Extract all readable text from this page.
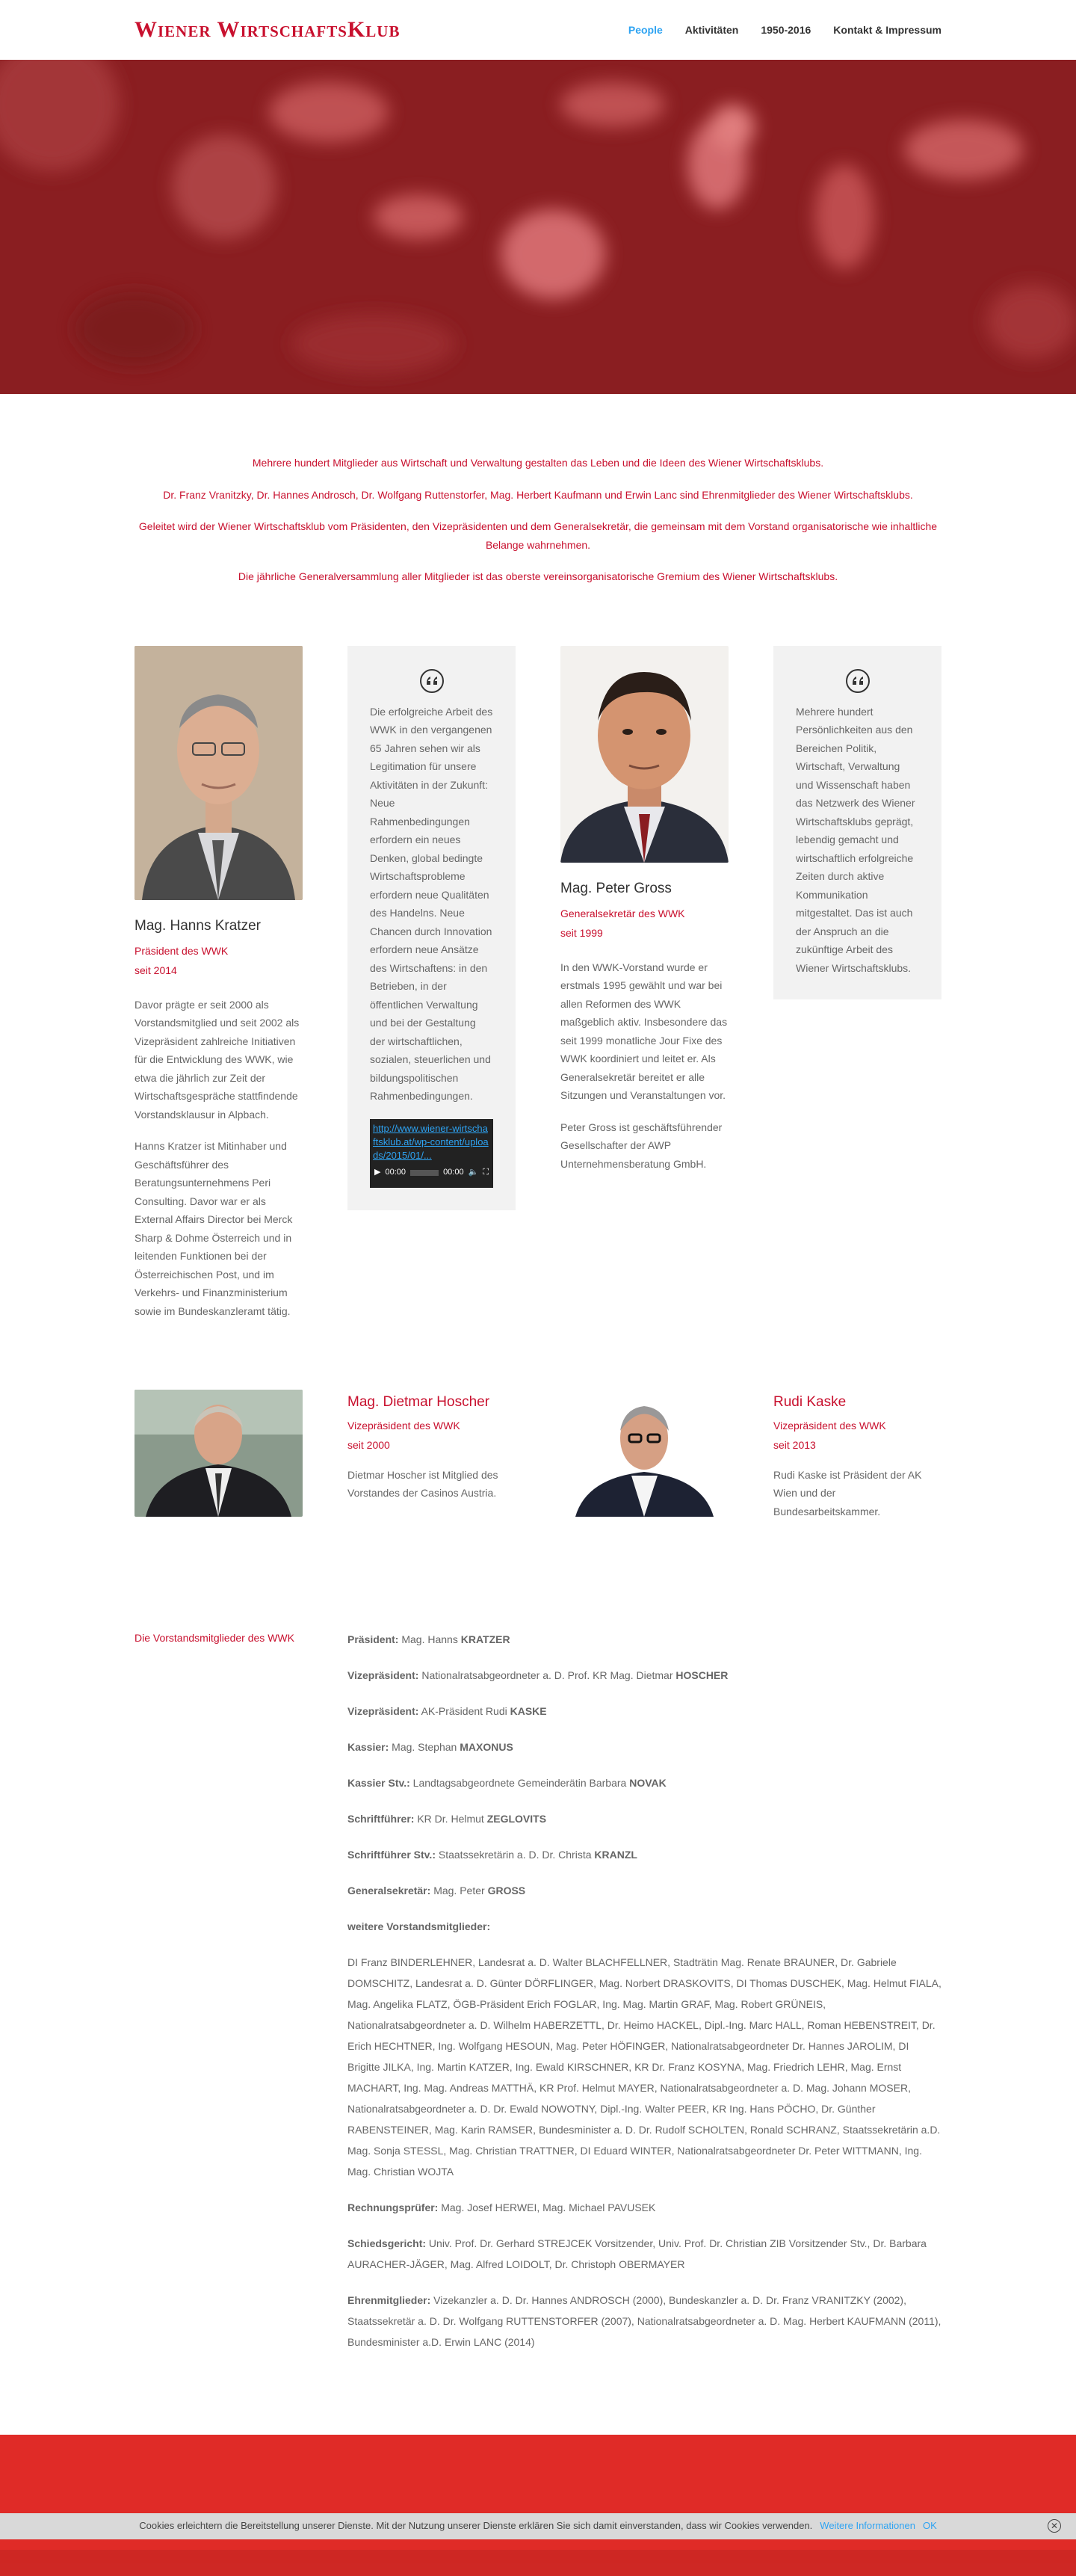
Wiener WirtschaftsKlub	People Aktivitäten 1950-2016 Kontakt & Impressum

Mehrere hundert Mitglieder aus Wirtschaft und Verwaltung gestalten das Leben und die Ideen des Wiener Wirtschaftsklubs.

Dr. Franz Vranitzky, Dr. Hannes Androsch, Dr. Wolfgang Ruttenstorfer, Mag. Herbert Kaufmann und Erwin Lanc sind Ehrenmitglieder des Wiener Wirtschaftsklubs.

Geleitet wird der Wiener Wirtschaftsklub vom Präsidenten, den Vizepräsidenten und dem Generalsekretär, die gemeinsam mit dem Vorstand organisatorische wie inhaltliche Belange wahrnehmen.

Die jährliche Generalversammlung aller Mitglieder ist das oberste vereinsorganisatorische Gremium des Wiener Wirtschaftsklubs.

Mag. Hanns Kratzer
Präsident des WWK
seit 2014

Davor prägte er seit 2000 als Vorstandsmitglied und seit 2002 als Vizepräsident zahlreiche Initiativen für die Entwicklung des WWK, wie etwa die jährlich zur Zeit der Wirtschaftsgespräche stattfindende Vorstandsklausur in Alpbach.

Hanns Kratzer ist Mitinhaber und Geschäftsführer des Beratungsunternehmens Peri Consulting. Davor war er als External Affairs Director bei Merck Sharp & Dohme Österreich und in leitenden Funktionen bei der Österreichischen Post, und im Verkehrs- und Finanzministerium sowie im Bundeskanzleramt tätig.

Die erfolgreiche Arbeit des WWK in den vergangenen 65 Jahren sehen wir als Legitimation für unsere Aktivitäten in der Zukunft: Neue Rahmenbedingungen erfordern ein neues Denken, global bedingte Wirtschaftsprobleme erfordern neue Qualitäten des Handelns. Neue Chancen durch Innovation erfordern neue Ansätze des Wirtschaftens: in den Betrieben, in der öffentlichen Verwaltung und bei der Gestaltung der wirtschaftlichen, sozialen, steuerlichen und bildungspolitischen Rahmenbedingungen.
http://www.wiener-wirtschaftsklub.at/wp-content/uploads/2015/01/...
▶ 00:00	00:00 🔈 ⛶
Mag. Peter Gross
Generalsekretär des WWK
seit 1999

In den WWK-Vorstand wurde er erstmals 1995 gewählt und war bei allen Reformen des WWK maßgeblich aktiv. Insbesondere das seit 1999 monatliche Jour Fixe des WWK koordiniert und leitet er. Als Generalsekretär bereitet er alle Sitzungen und Veranstaltungen vor.

Peter Gross ist geschäftsführender Gesellschafter der AWP Unternehmensberatung GmbH.

Mehrere hundert Persönlichkeiten aus den Bereichen Politik, Wirtschaft, Verwaltung und Wissenschaft haben das Netzwerk des Wiener Wirtschaftsklubs geprägt, lebendig gemacht und wirtschaftlich erfolgreiche Zeiten durch aktive Kommunikation mitgestaltet. Das ist auch der Anspruch an die zukünftige Arbeit des Wiener Wirtschaftsklubs.
Mag. Dietmar Hoscher
Vizepräsident des WWK
seit 2000
Dietmar Hoscher ist Mitglied des Vorstandes der Casinos Austria.
Rudi Kaske
Vizepräsident des WWK
seit 2013
Rudi Kaske ist Präsident der AK Wien und der Bundesarbeitskammer.
Die Vorstandsmitglieder des WWK	Präsident: Mag. Hanns KRATZER

Vizepräsident: Nationalratsabgeordneter a. D. Prof. KR Mag. Dietmar HOSCHER

Vizepräsident: AK-Präsident Rudi KASKE

Kassier: Mag. Stephan MAXONUS

Kassier Stv.: Landtagsabgeordnete Gemeinderätin Barbara NOVAK

Schriftführer: KR Dr. Helmut ZEGLOVITS

Schriftführer Stv.: Staatssekretärin a. D. Dr. Christa KRANZL

Generalsekretär: Mag. Peter GROSS

weitere Vorstandsmitglieder:

DI Franz BINDERLEHNER, Landesrat a. D. Walter BLACHFELLNER, Stadträtin Mag. Renate BRAUNER, Dr. Gabriele DOMSCHITZ, Landesrat a. D. Günter DÖRFLINGER, Mag. Norbert DRASKOVITS, DI Thomas DUSCHEK, Mag. Helmut FIALA, Mag. Angelika FLATZ, ÖGB-Präsident Erich FOGLAR, Ing. Mag. Martin GRAF, Mag. Robert GRÜNEIS, Nationalratsabgeordneter a. D. Wilhelm HABERZETTL, Dr. Heimo HACKEL, Dipl.-Ing. Marc HALL, Roman HEBENSTREIT, Dr. Erich HECHTNER, Ing. Wolfgang HESOUN, Mag. Peter HÖFINGER, Nationalratsabgeordneter Dr. Hannes JAROLIM, DI Brigitte JILKA, Ing. Martin KATZER, Ing. Ewald KIRSCHNER, KR Dr. Franz KOSYNA, Mag. Friedrich LEHR, Mag. Ernst MACHART, Ing. Mag. Andreas MATTHÄ, KR Prof. Helmut MAYER, Nationalratsabgeordneter a. D. Mag. Johann MOSER, Nationalratsabgeordneter a. D. Dr. Ewald NOWOTNY, Dipl.-Ing. Walter PEER, KR Ing. Hans PÖCHO, Dr. Günther RABENSTEINER, Mag. Karin RAMSER, Bundesminister a. D. Dr. Rudolf SCHOLTEN, Ronald SCHRANZ, Staatssekretärin a.D. Mag. Sonja STESSL, Mag. Christian TRATTNER, DI Eduard WINTER, Nationalratsabgeordneter Dr. Peter WITTMANN, Ing. Mag. Christian WOJTA

Rechnungsprüfer: Mag. Josef HERWEI, Mag. Michael PAVUSEK

Schiedsgericht: Univ. Prof. Dr. Gerhard STREJCEK Vorsitzender, Univ. Prof. Dr. Christian ZIB Vorsitzender Stv., Dr. Barbara AURACHER-JÄGER, Mag. Alfred LOIDOLT, Dr. Christoph OBERMAYER

Ehrenmitglieder: Vizekanzler a. D. Dr. Hannes ANDROSCH (2000), Bundeskanzler a. D. Dr. Franz VRANITZKY (2002), Staatssekretär a. D. Dr. Wolfgang RUTTENSTORFER (2007), Nationalratsabgeordneter a. D. Mag. Herbert KAUFMANN (2011), Bundesminister a.D. Erwin LANC (2014)

Cookies erleichtern die Bereitstellung unserer Dienste. Mit der Nutzung unserer Dienste erklären Sie sich damit einverstanden, dass wir Cookies verwenden. Weitere Informationen OK	✕
